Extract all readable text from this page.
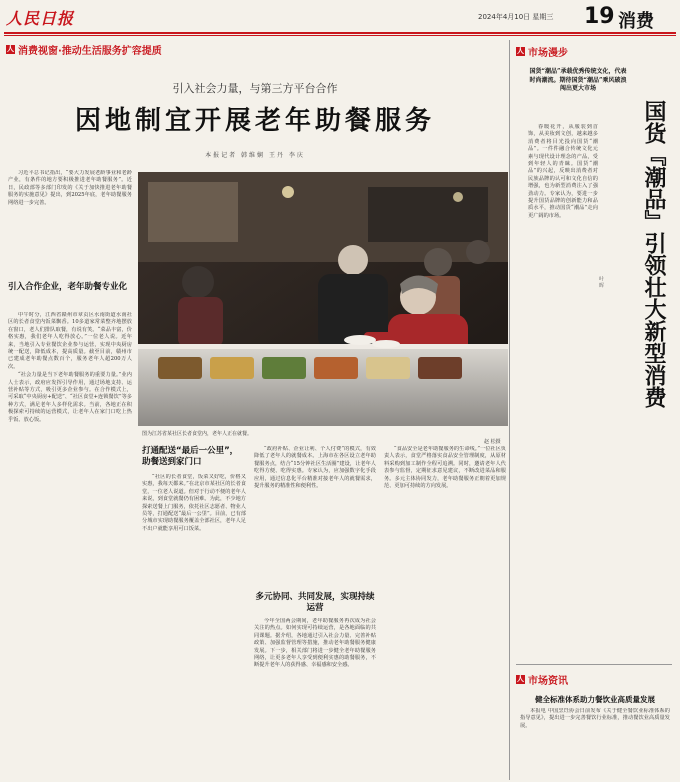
人民日报	2024年4月10日 星期三 19 消费
人 消费视窗·推动生活服务扩容提质
引入社会力量，与第三方平台合作
因地制宜开展老年助餐服务
本报记者 韩维娴 王丹 李庆

习近平总书记指出，“要大力发展老龄事业和老龄产业，有条件的地方要积极推进老年助餐服务”。近日，民政部等多部门印发的《关于加快推进老年助餐服务的实施意见》提出，到2025年底，老年助餐服务网络进一步完善。

引入合作企业，老年助餐专业化

中午时分，江西省赣州市章贡区水南街道水南社区的长者食堂内饭菜飘香。10多道家常菜整齐地摆放在窗口，老人们排队取餐，有说有笑。“菜品丰富，价格实惠，我们老年人吃得放心。”一位老人说。近年来，当地引入专业餐饮企业参与运营，实现中央厨房统一配送，降低成本，提高质量。截至目前，赣州市已建成老年助餐点数百个，服务老年人超200万人次。

“社会力量是当下老年助餐服务的重要力量。”业内人士表示，政府应发挥引导作用，通过场地支持、运营补贴等方式，吸引更多企业参与。在合作模式上，可采取“中央厨房+配送”、“社区食堂+连锁餐饮”等多种方式，满足老年人多样化需求。当前，各地正在积极探索可持续的运营模式，让老年人在家门口吃上热乎饭、放心饭。

图为江苏省某社区长者食堂内，老年人正在就餐。
赵 松摄
打通配送“最后一公里”，助餐送到家门口

“社区的长者食堂，饭菜又好吃，价格又实惠，我每天都来。”在北京市某社区的长者食堂，一位老人说道。但对于行动不便的老年人来说，到食堂就餐仍有困难。为此，不少地方探索送餐上门服务，依托社区志愿者、物业人员等，打通配送“最后一公里”。目前，已有部分城市实现助餐服务覆盖全部社区，老年人足不出户就能享用可口饭菜。

“政府补贴、企业让利、个人付费”的模式，有效降低了老年人的就餐成本。上海市在各区设立老年助餐服务点，结合“15分钟社区生活圈”建设，让老年人吃得方便、吃得实惠。专家认为，应加强数字化手段应用，通过信息化平台精准对接老年人的就餐需求，提升服务的精准性和便利性。

多元协同、共同发展，实现持续运营

今年全国两会期间，老年助餐服务再次成为社会关注的热点。如何实现可持续运营，是各地面临的共同课题。据介绍，各地通过引入社会力量、完善补贴政策、加强监督管理等措施，推动老年助餐服务健康发展。下一步，相关部门将进一步健全老年助餐服务网络，让更多老年人享受到便利实惠的助餐服务，不断提升老年人的获得感、幸福感和安全感。

“食品安全是老年助餐服务的生命线。”一位社区负责人表示，食堂严格落实食品安全管理制度，从原材料采购到加工制作全程可追溯。同时，邀请老年人代表参与监督，定期征求意见建议，不断改进菜品和服务。多元主体协同发力，老年助餐服务正朝着更加规范、更加可持续的方向发展。

人 市场漫步
国货“潮品”承载优秀传统文化，代表时尚潮流。期待国货“潮品”乘风破浪闯出更大市场
国货『潮品』引领壮大新型消费
叶 晖

春暖花开，从服装到首饰，从美妆到文创，越来越多消费者将目光投向国货“潮品”。一件件融合传统文化元素与现代设计理念的产品，受到年轻人的青睐。国货“潮品”的兴起，反映出消费者对民族品牌的认可和文化自信的增强，也为新型消费注入了强劲动力。专家认为，要进一步提升国货品牌的创新能力和品质水平，推动国货“潮品”走向更广阔的市场。

人 市场资讯
健全标准体系助力餐饮业高质量发展

本报电 中国烹饪协会日前发布《关于健全餐饮业标准体系的指导意见》，提出进一步完善餐饮行业标准，推动餐饮业高质量发展。
